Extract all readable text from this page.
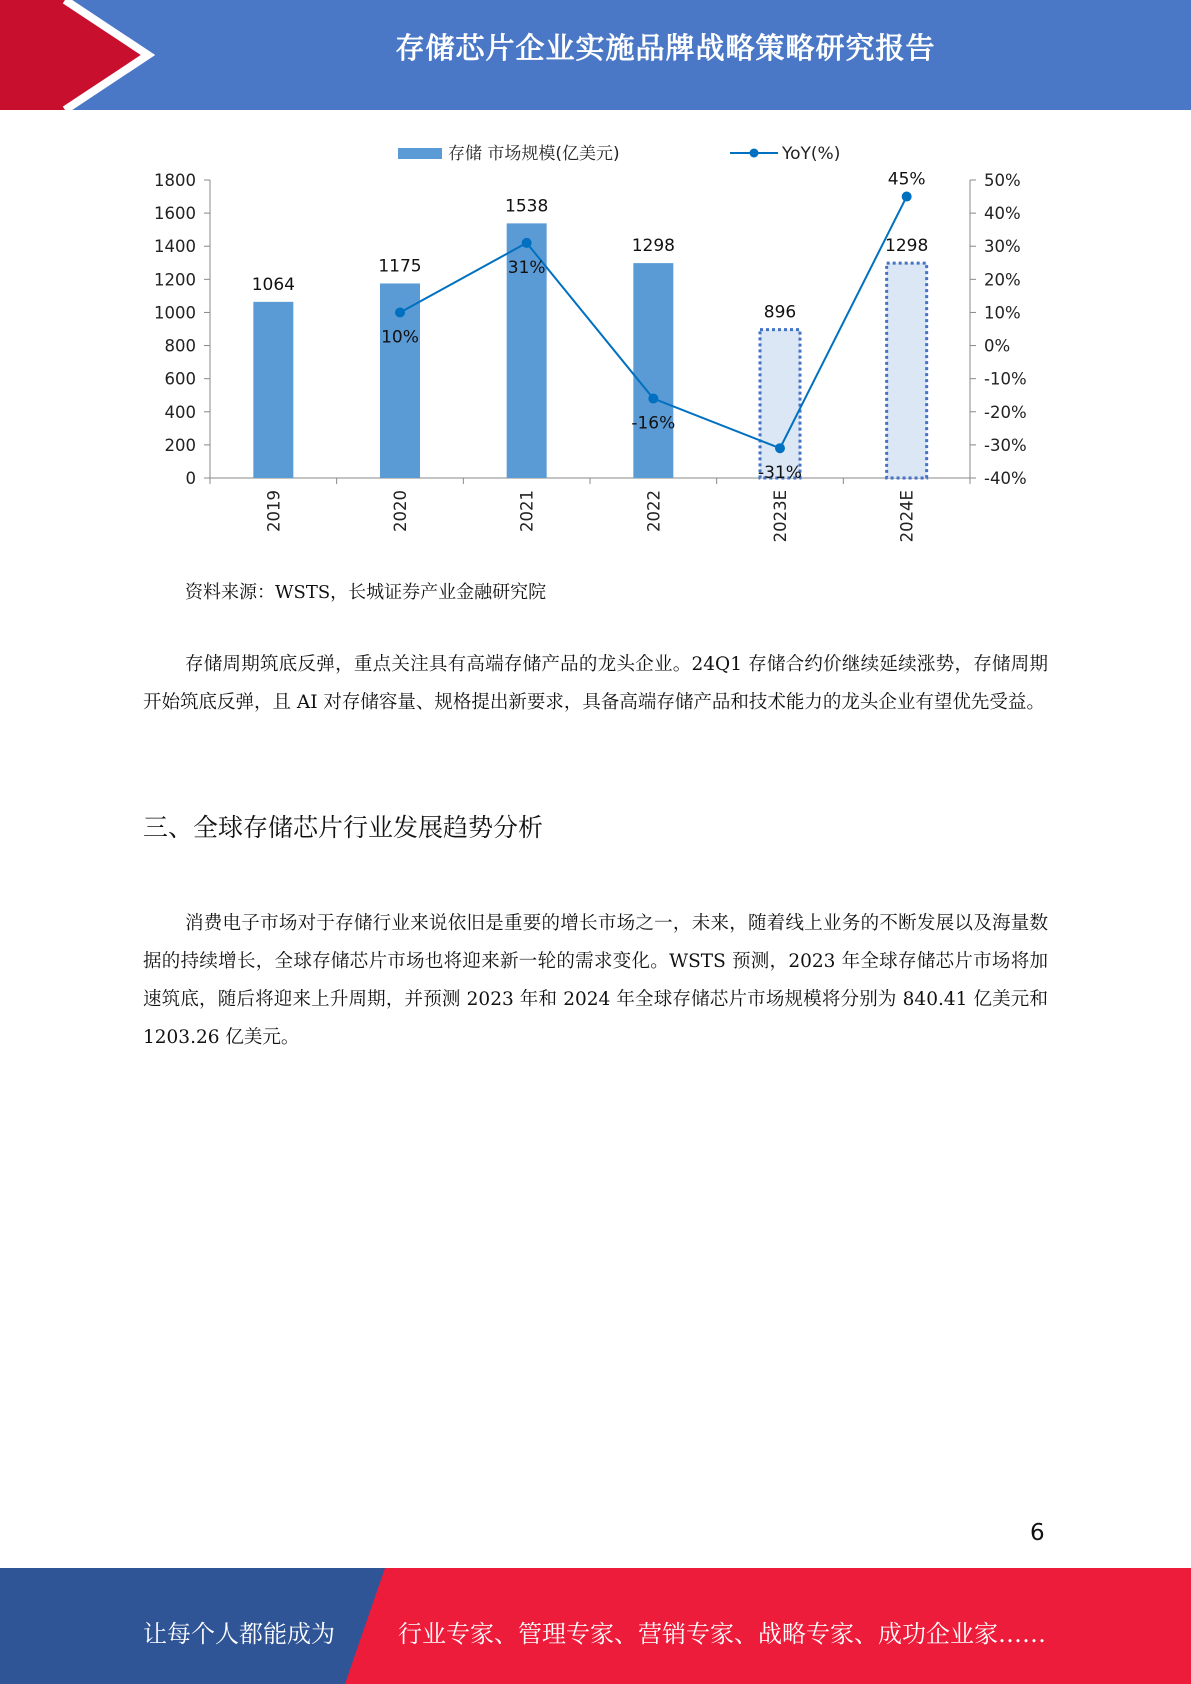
存储芯片企业实施品牌战略策略研究报告
存储 市场规模(亿美元)	YoY(%)
0
200
400
600
800
1000
1200
1400
1600
1800
-40%
-30%
-20%
-10%
0%
10%
20%
30%
40%
50%
2019	2020	2021	2022	2023E	2024E
1064
1175
1538
1298
896
1298
10%
31%
-16%
-31%
45%
资料来源：WSTS，长城证券产业金融研究院
存储周期筑底反弹，重点关注具有高端存储产品的龙头企业。24Q1 存储合约价继续延续涨势，存储周期开始筑底反弹，且 AI 对存储容量、规格提出新要求，具备高端存储产品和技术能力的龙头企业有望优先受益。
三、全球存储芯片行业发展趋势分析
消费电子市场对于存储行业来说依旧是重要的增长市场之一，未来，随着线上业务的不断发展以及海量数据的持续增长，全球存储芯片市场也将迎来新一轮的需求变化。WSTS 预测，2023 年全球存储芯片市场将加速筑底，随后将迎来上升周期，并预测 2023 年和 2024 年全球存储芯片市场规模将分别为 840.41 亿美元和 1203.26 亿美元。
6
让每个人都能成为	行业专家、管理专家、营销专家、战略专家、成功企业家……
